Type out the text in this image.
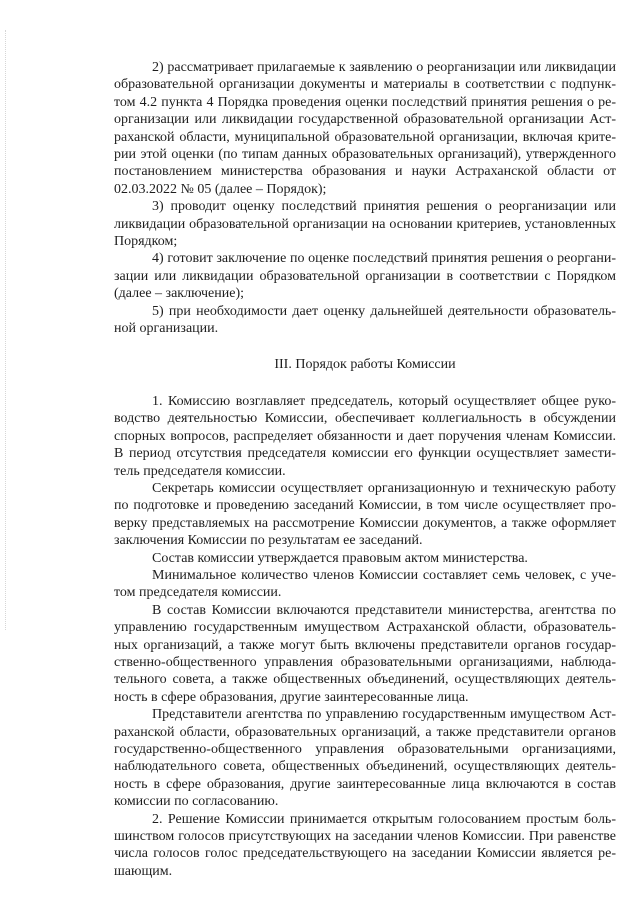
2) рассматривает прилагаемые к заявлению о реорганизации или ликвидации образовательной организации документы и материалы в соответствии с подпунктом 4.2 пункта 4 Порядка проведения оценки последствий принятия решения о реорганизации или ликвидации государственной образовательной организации Астраханской области, муниципальной образовательной организации, включая критерии этой оценки (по типам данных образовательных организаций), утвержденного постановлением министерства образования и науки Астраханской области от 02.03.2022 № 05 (далее – Порядок);

3) проводит оценку последствий принятия решения о реорганизации или ликвидации образовательной организации на основании критериев, установленных Порядком;

4) готовит заключение по оценке последствий принятия решения о реорганизации или ликвидации образовательной организации в соответствии с Порядком (далее – заключение);

5) при необходимости дает оценку дальнейшей деятельности образовательной организации.

III. Порядок работы Комиссии

1. Комиссию возглавляет председатель, который осуществляет общее руководство деятельностью Комиссии, обеспечивает коллегиальность в обсуждении спорных вопросов, распределяет обязанности и дает поручения членам Комиссии. В период отсутствия председателя комиссии его функции осуществляет заместитель председателя комиссии.

Секретарь комиссии осуществляет организационную и техническую работу по подготовке и проведению заседаний Комиссии, в том числе осуществляет проверку представляемых на рассмотрение Комиссии документов, а также оформляет заключения Комиссии по результатам ее заседаний.

Состав комиссии утверждается правовым актом министерства.

Минимальное количество членов Комиссии составляет семь человек, с учетом председателя комиссии.

В состав Комиссии включаются представители министерства, агентства по управлению государственным имуществом Астраханской области, образовательных организаций, а также могут быть включены представители органов государственно-общественного управления образовательными организациями, наблюдательного совета, а также общественных объединений, осуществляющих деятельность в сфере образования, другие заинтересованные лица.

Представители агентства по управлению государственным имуществом Астраханской области, образовательных организаций, а также представители органов государственно-общественного управления образовательными организациями, наблюдательного совета, общественных объединений, осуществляющих деятельность в сфере образования, другие заинтересованные лица включаются в состав комиссии по согласованию.

2. Решение Комиссии принимается открытым голосованием простым большинством голосов присутствующих на заседании членов Комиссии. При равенстве числа голосов голос председательствующего на заседании Комиссии является решающим.
